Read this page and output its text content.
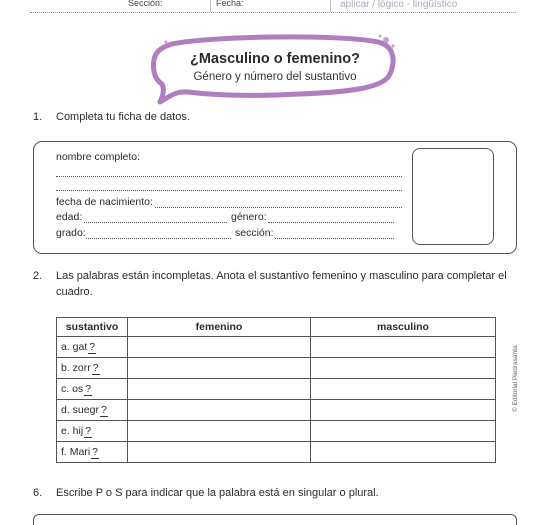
Sección:	Fecha:	aplicar / lógico - lingüístico
¿Masculino o femenino?
Género y número del sustantivo
1. Completa tu ficha de datos.
nombre completo:
fecha de nacimiento:
edad:	género:
grado:	sección:
2. Las palabras están incompletas. Anota el sustantivo femenino y masculino para completar el
cuadro.
sustantivo	femenino	masculino
a. gat ?		
b. zorr ?		
c. os ?		
d. suegr ?		
e. hij ?		
f. Mari ?		
6. Escribe P o S para indicar que la palabra está en singular o plural.
© Editorial Piedrasanta
